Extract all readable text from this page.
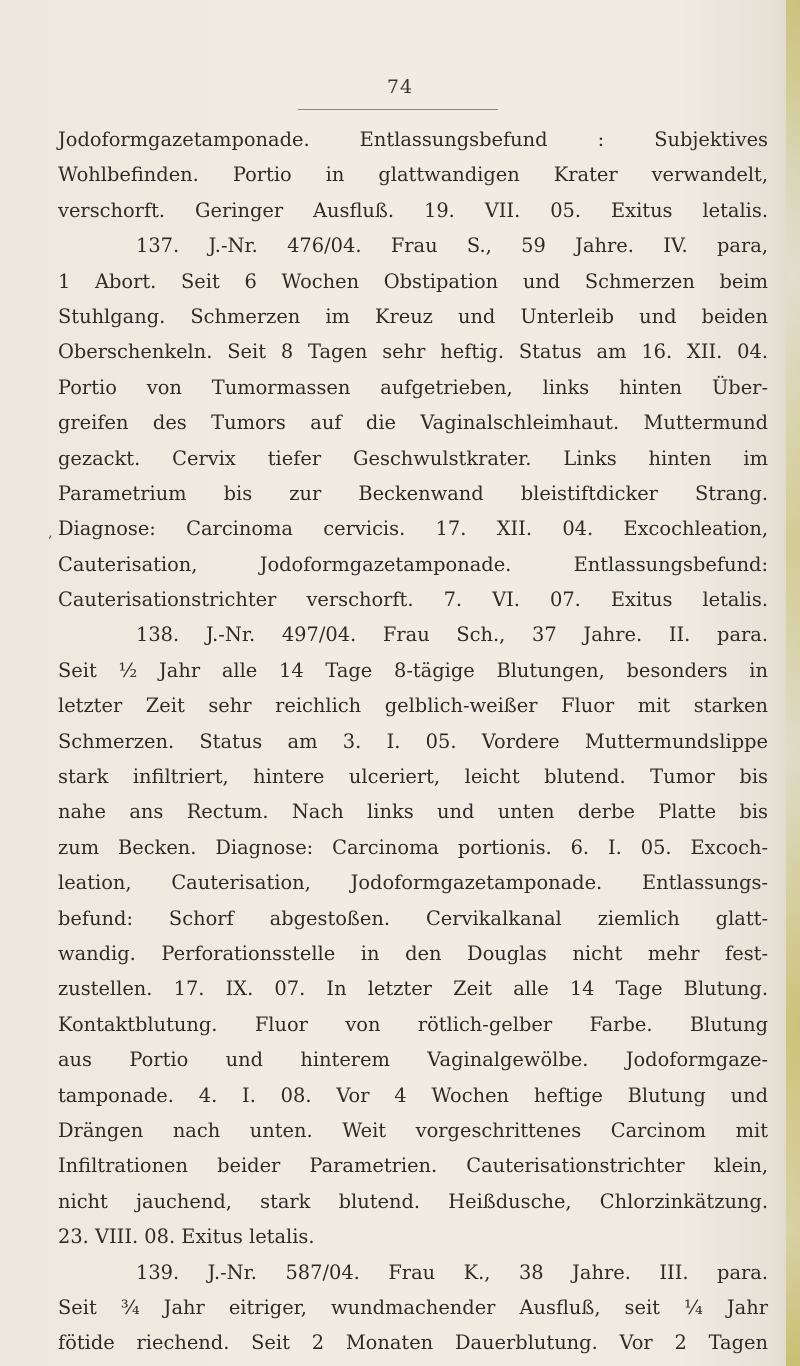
74
‚
Jodoformgazetamponade. Entlassungsbefund : Subjektives
Wohlbefinden. Portio in glattwandigen Krater verwandelt,
verschorft. Geringer Ausfluß. 19. VII. 05. Exitus letalis.
137. J.-Nr. 476/04. Frau S., 59 Jahre. IV. para,
1 Abort. Seit 6 Wochen Obstipation und Schmerzen beim
Stuhlgang. Schmerzen im Kreuz und Unterleib und beiden
Oberschenkeln. Seit 8 Tagen sehr heftig. Status am 16. XII. 04.
Portio von Tumormassen aufgetrieben, links hinten Über-
greifen des Tumors auf die Vaginalschleimhaut. Muttermund
gezackt. Cervix tiefer Geschwulstkrater. Links hinten im
Parametrium bis zur Beckenwand bleistiftdicker Strang.
Diagnose: Carcinoma cervicis. 17. XII. 04. Excochleation,
Cauterisation, Jodoformgazetamponade. Entlassungsbefund:
Cauterisationstrichter verschorft. 7. VI. 07. Exitus letalis.
138. J.-Nr. 497/04. Frau Sch., 37 Jahre. II. para.
Seit ½ Jahr alle 14 Tage 8-tägige Blutungen, besonders in
letzter Zeit sehr reichlich gelblich-weißer Fluor mit starken
Schmerzen. Status am 3. I. 05. Vordere Muttermundslippe
stark infiltriert, hintere ulceriert, leicht blutend. Tumor bis
nahe ans Rectum. Nach links und unten derbe Platte bis
zum Becken. Diagnose: Carcinoma portionis. 6. I. 05. Excoch-
leation, Cauterisation, Jodoformgazetamponade. Entlassungs-
befund: Schorf abgestoßen. Cervikalkanal ziemlich glatt-
wandig. Perforationsstelle in den Douglas nicht mehr fest-
zustellen. 17. IX. 07. In letzter Zeit alle 14 Tage Blutung.
Kontaktblutung. Fluor von rötlich-gelber Farbe. Blutung
aus Portio und hinterem Vaginalgewölbe. Jodoformgaze-
tamponade. 4. I. 08. Vor 4 Wochen heftige Blutung und
Drängen nach unten. Weit vorgeschrittenes Carcinom mit
Infiltrationen beider Parametrien. Cauterisationstrichter klein,
nicht jauchend, stark blutend. Heißdusche, Chlorzinkätzung.
23. VIII. 08. Exitus letalis.
139. J.-Nr. 587/04. Frau K., 38 Jahre. III. para.
Seit ¾ Jahr eitriger, wundmachender Ausfluß, seit ¼ Jahr
fötide riechend. Seit 2 Monaten Dauerblutung. Vor 2 Tagen
